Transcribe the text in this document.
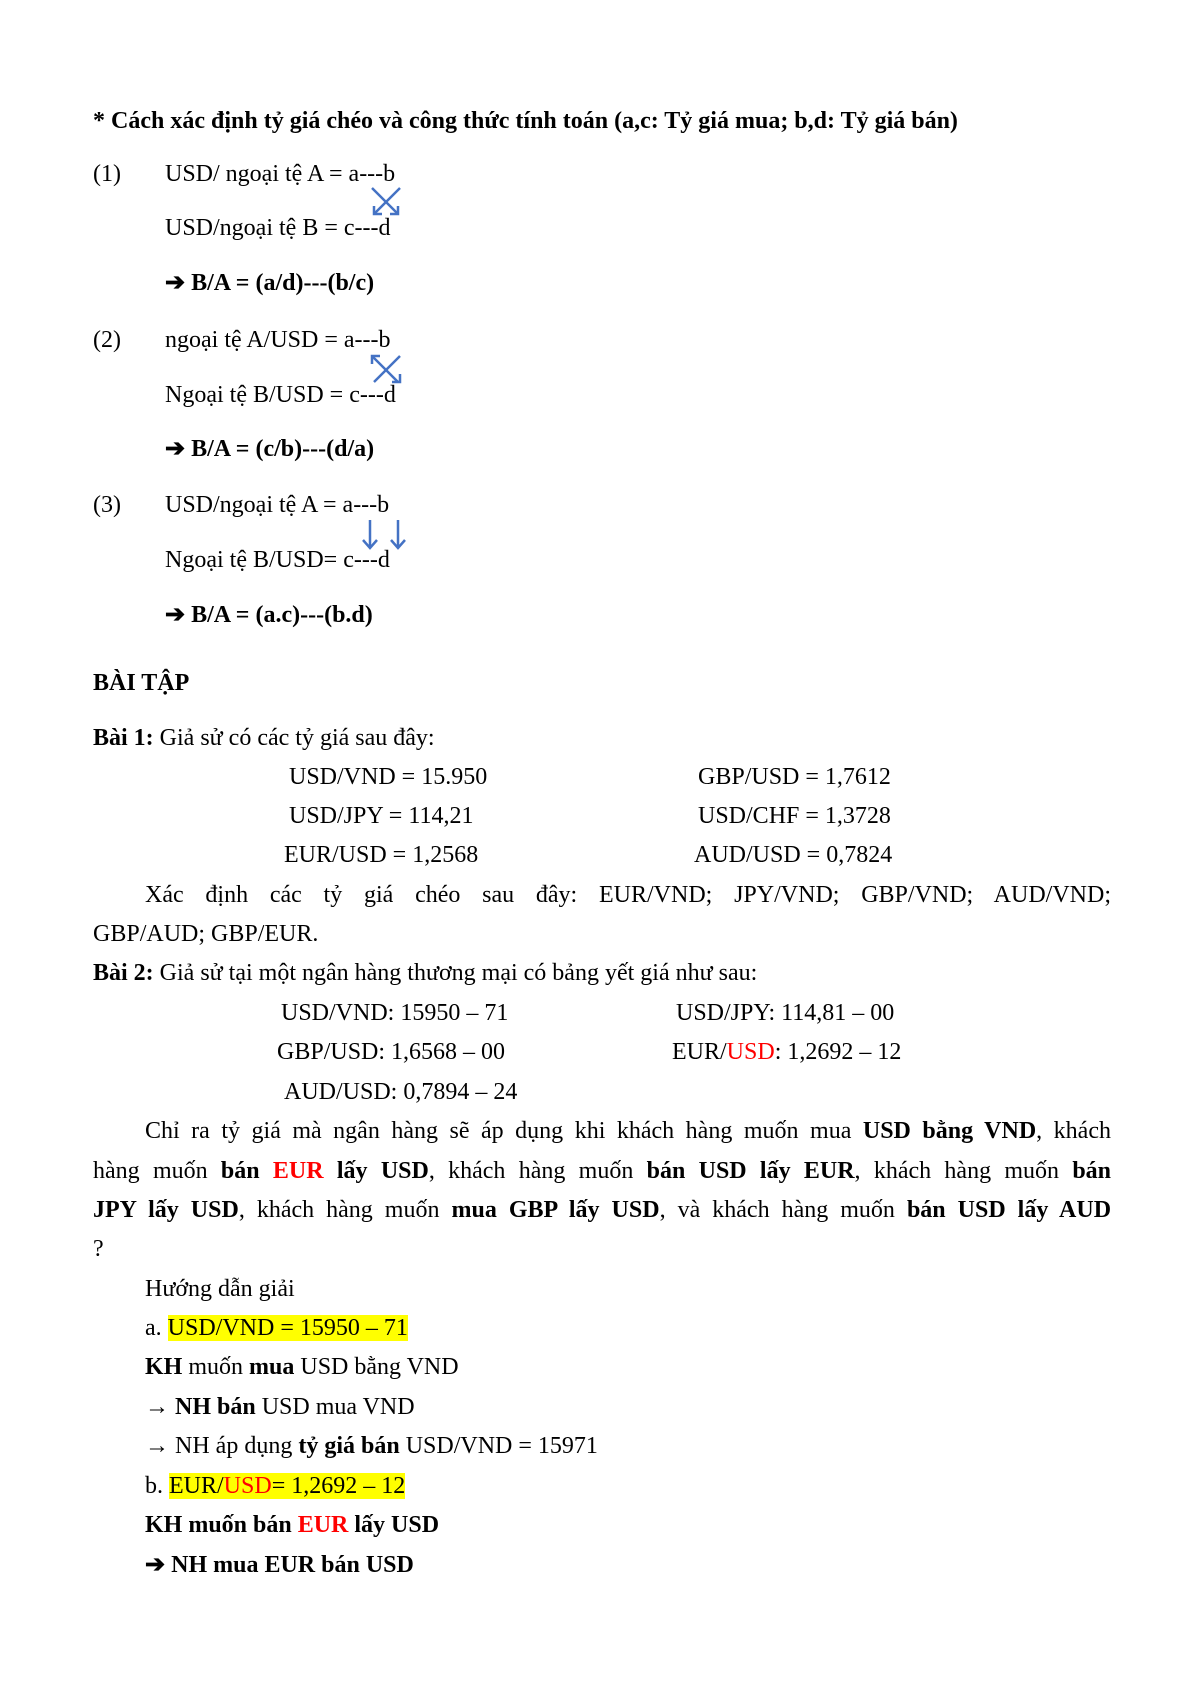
* Cách xác định tỷ giá chéo và công thức tính toán (a,c: Tỷ giá mua; b,d: Tỷ giá bán)
(1) USD/ ngoại tệ A = a---b
USD/ngoại tệ B = c---d
➔ B/A = (a/d)---(b/c)
(2) ngoại tệ A/USD = a---b
Ngoại tệ B/USD = c---d
➔ B/A = (c/b)---(d/a)
(3) USD/ngoại tệ A = a---b
Ngoại tệ B/USD= c---d
➔ B/A = (a.c)---(b.d)
BÀI TẬP
Bài 1: Giả sử có các tỷ giá sau đây:
USD/VND = 15.950	GBP/USD = 1,7612
USD/JPY = 114,21	USD/CHF = 1,3728
EUR/USD = 1,2568	AUD/USD = 0,7824
Xác định các tỷ giá chéo sau đây: EUR/VND; JPY/VND; GBP/VND; AUD/VND;
GBP/AUD; GBP/EUR.
Bài 2: Giả sử tại một ngân hàng thương mại có bảng yết giá như sau:
USD/VND: 15950 – 71	USD/JPY: 114,81 – 00
GBP/USD: 1,6568 – 00	EUR/USD: 1,2692 – 12
AUD/USD: 0,7894 – 24
Chỉ ra tỷ giá mà ngân hàng sẽ áp dụng khi khách hàng muốn mua USD bằng VND, khách
hàng muốn bán EUR lấy USD, khách hàng muốn bán USD lấy EUR, khách hàng muốn bán
JPY lấy USD, khách hàng muốn mua GBP lấy USD, và khách hàng muốn bán USD lấy AUD
?
Hướng dẫn giải
a. USD/VND = 15950 – 71
KH muốn mua USD bằng VND
→ NH bán USD mua VND
→ NH áp dụng tỷ giá bán USD/VND = 15971
b. EUR/USD= 1,2692 – 12
KH muốn bán EUR lấy USD
➔ NH mua EUR bán USD
